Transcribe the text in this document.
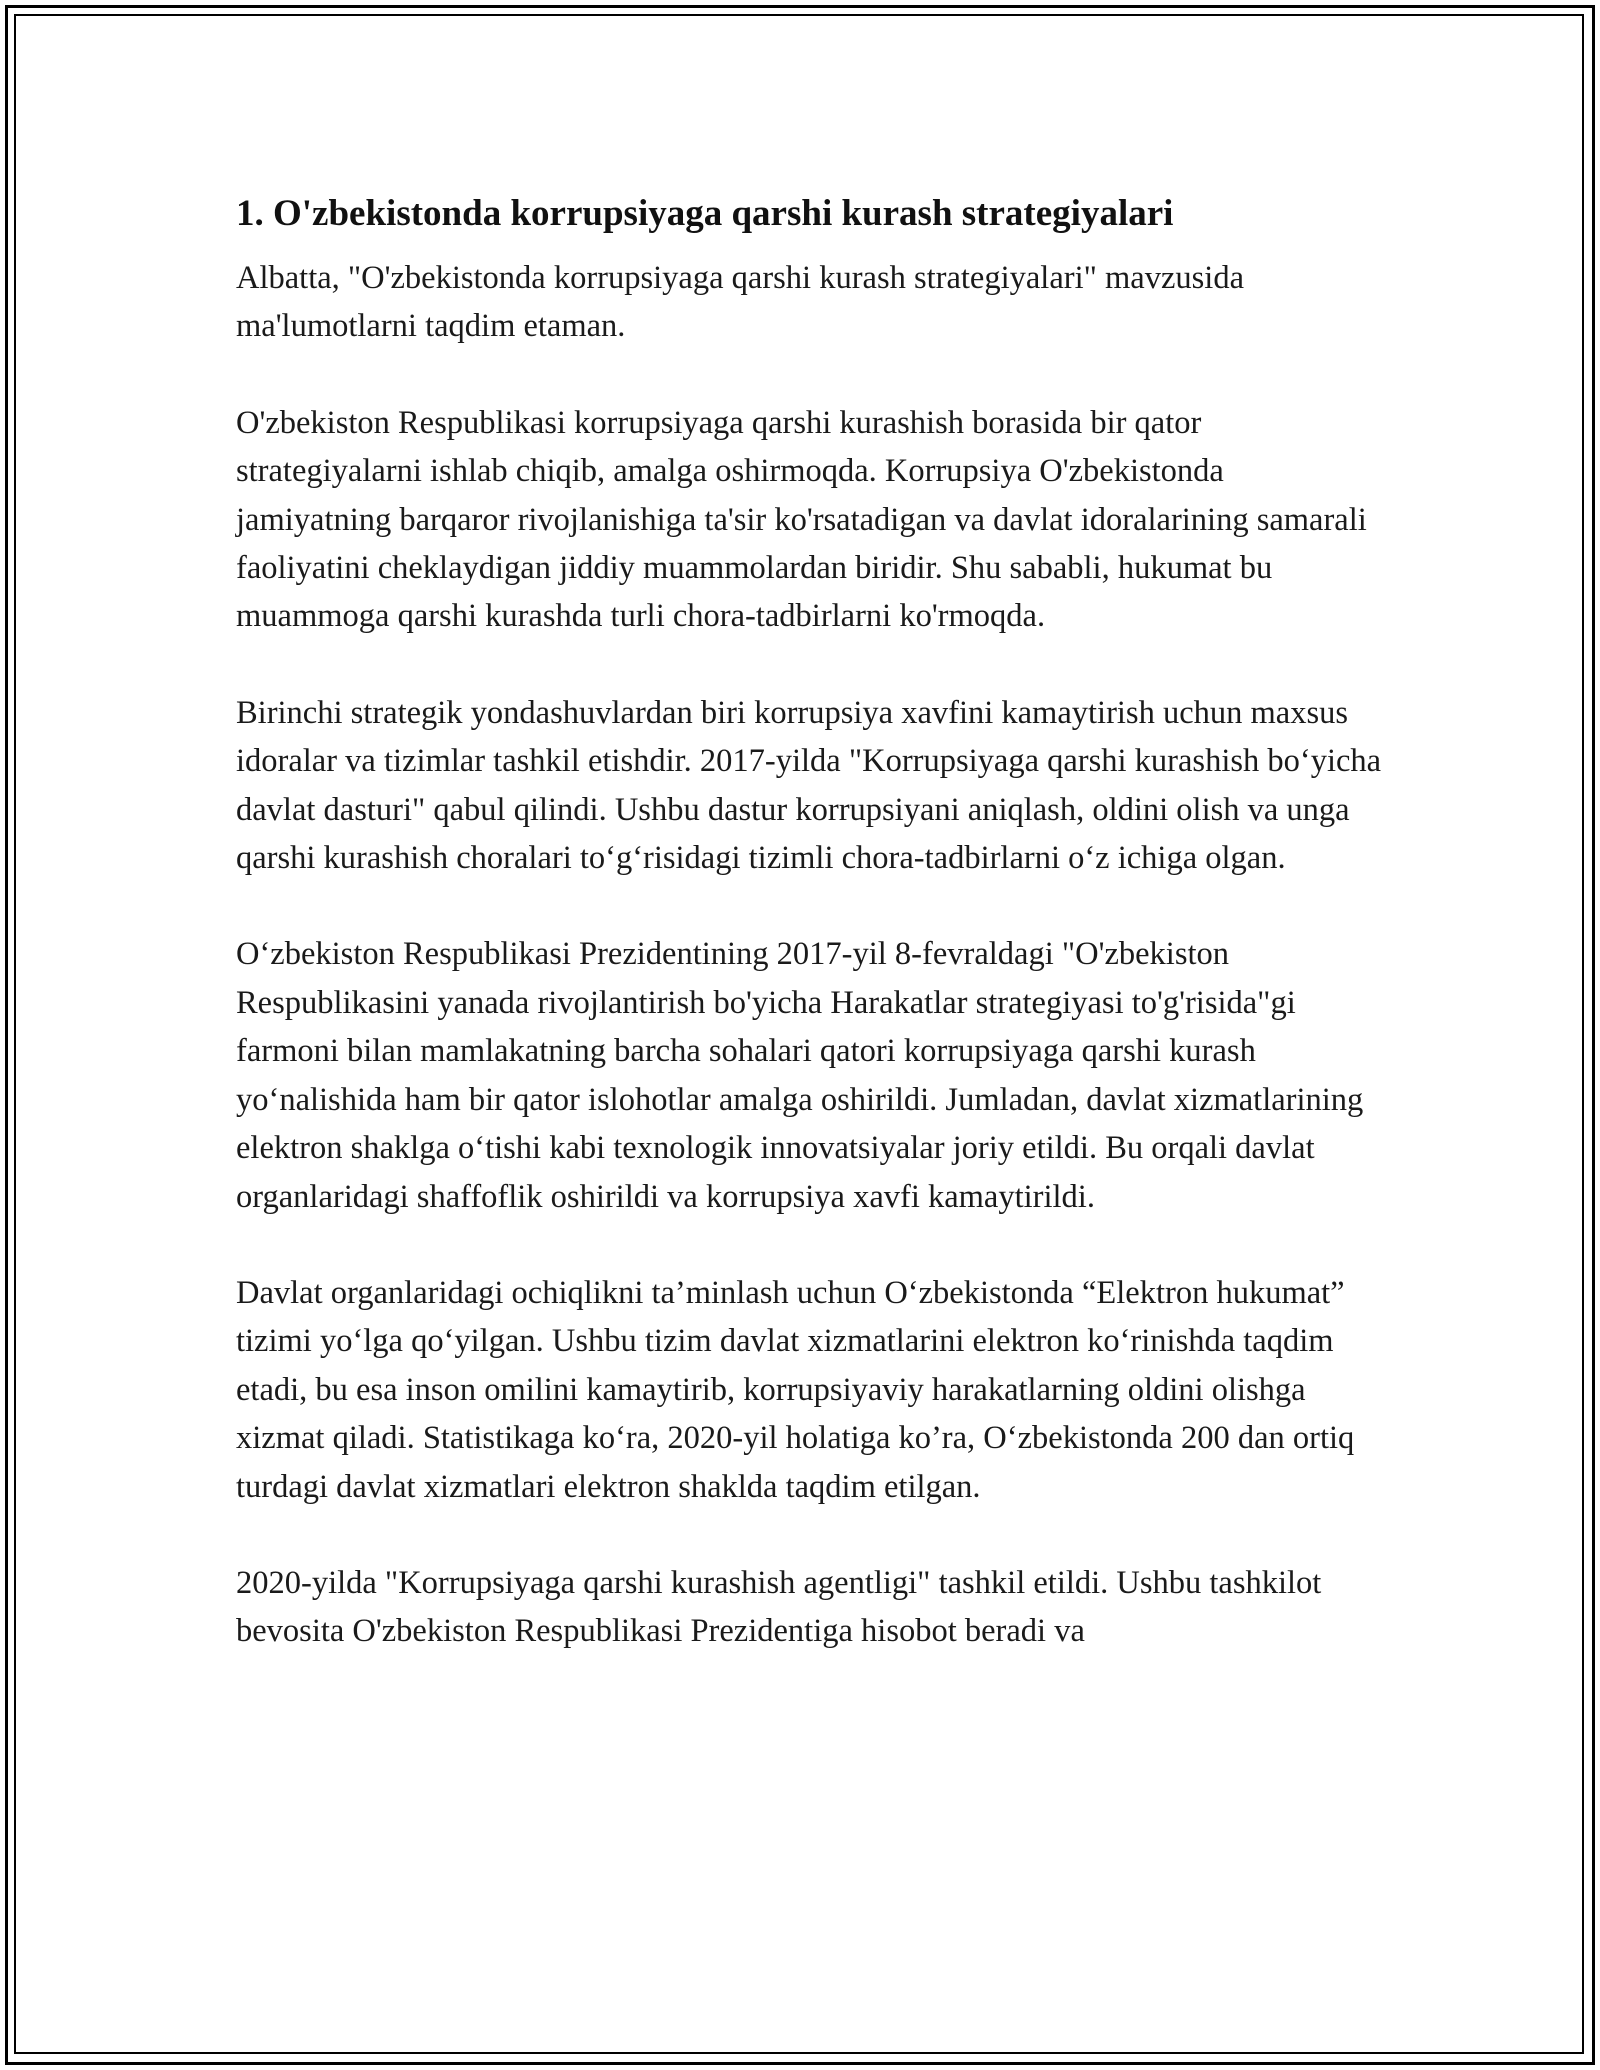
1. O'zbekistonda korrupsiyaga qarshi kurash strategiyalari

Albatta, "O'zbekistonda korrupsiyaga qarshi kurash strategiyalari" mavzusida ma'lumotlarni taqdim etaman.

O'zbekiston Respublikasi korrupsiyaga qarshi kurashish borasida bir qator strategiyalarni ishlab chiqib, amalga oshirmoqda. Korrupsiya O'zbekistonda jamiyatning barqaror rivojlanishiga ta'sir ko'rsatadigan va davlat idoralarining samarali faoliyatini cheklaydigan jiddiy muammolardan biridir. Shu sababli, hukumat bu muammoga qarshi kurashda turli chora-tadbirlarni ko'rmoqda.

Birinchi strategik yondashuvlardan biri korrupsiya xavfini kamaytirish uchun maxsus idoralar va tizimlar tashkil etishdir. 2017-yilda "Korrupsiyaga qarshi kurashish bo‘yicha davlat dasturi" qabul qilindi. Ushbu dastur korrupsiyani aniqlash, oldini olish va unga qarshi kurashish choralari to‘g‘risidagi tizimli chora-tadbirlarni o‘z ichiga olgan.

O‘zbekiston Respublikasi Prezidentining 2017-yil 8-fevraldagi "O'zbekiston Respublikasini yanada rivojlantirish bo'yicha Harakatlar strategiyasi to'g'risida"gi farmoni bilan mamlakatning barcha sohalari qatori korrupsiyaga qarshi kurash yo‘nalishida ham bir qator islohotlar amalga oshirildi. Jumladan, davlat xizmatlarining elektron shaklga o‘tishi kabi texnologik innovatsiyalar joriy etildi. Bu orqali davlat organlaridagi shaffoflik oshirildi va korrupsiya xavfi kamaytirildi.

Davlat organlaridagi ochiqlikni ta’minlash uchun O‘zbekistonda “Elektron hukumat” tizimi yo‘lga qo‘yilgan. Ushbu tizim davlat xizmatlarini elektron ko‘rinishda taqdim etadi, bu esa inson omilini kamaytirib, korrupsiyaviy harakatlarning oldini olishga xizmat qiladi. Statistikaga ko‘ra, 2020-yil holatiga ko’ra, O‘zbekistonda 200 dan ortiq turdagi davlat xizmatlari elektron shaklda taqdim etilgan.

2020-yilda "Korrupsiyaga qarshi kurashish agentligi" tashkil etildi. Ushbu tashkilot bevosita O'zbekiston Respublikasi Prezidentiga hisobot beradi va
